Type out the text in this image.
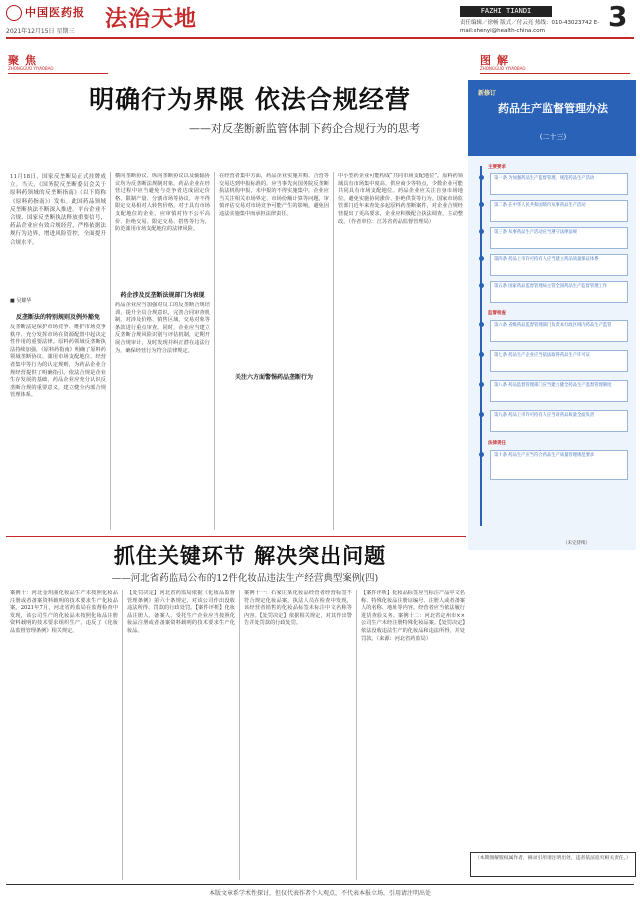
中国医药报 法治天地
2021年12月15日 星期三
FAZHI TIANDI
责任编辑／徐畅 版式／付云亮 热线：010-43023742 E-mail:shenyi@health-china.com	3
聚焦
ZHONGGUO YIYAOBAO
图解
ZHONGGUO YIYAOBAO
明确行为界限 依法合规经营
——对反垄断新监管体制下药企合规行为的思考
11月18日，国家反垄断局正式挂牌成立。当天，《国务院反垄断委员会关于原料药领域的反垄断指南》（以下简称《原料药指南》）发布。此国药品领域反垄断执法不断深入推进。平台企业不合规、国家反垄断执法释放重要信号，药品企业应有效合规经营，严格依据法规行为边界，增进风险管控，全面提升合规水平。
■ 吴耀华
反垄断法的特别规则及例外豁免
反垄断法是保护市场竞争、维护市场竞争秩序、充分发挥市场在资源配置中起决定性作用的重要法律。原料药领域反垄断执法持续加强，《原料药指南》明确了原料药领域垄断协议、滥用市场支配地位、经营者集中等行为的认定规则，为药品企业合规经营提供了明确指引。依法合规是企业生存发展的基础，药品企业应充分认识反垄断合规的重要意义，建立健全内部合规管理体系。
横向垄断协议、纵向垄断协议以及轴辐协议均为反垄断法规制对象。药品企业在经营过程中应当避免与竞争者达成固定价格、限制产量、分割市场等协议，亦不得限定交易相对人转售价格。对于具有市场支配地位的企业，应审慎对待不公平高价、拒绝交易、限定交易、搭售等行为，防范滥用市场支配地位的法律风险。
药企涉及反垄断法规部门为表现
药品企业应当加强对员工的反垄断合规培训，提升全员合规意识，完善合同审查机制，对涉及价格、销售区域、交易对象等条款进行重点审查。同时，企业应当建立反垄断合规风险识别与评估机制，定期开展合规审计，及时发现并纠正潜在违法行为，确保经营行为符合法律规定。
在经营者集中方面，药品企业实施并购、合营等交易达到申报标准的，应当事先向国务院反垄断执法机构申报，未申报的不得实施集中。企业应当关注相关市场界定、市场份额计算等问题，审慎评估交易对市场竞争可能产生的影响，避免因违法实施集中而承担法律责任。
关注六方面警惕药品垄断行为
中小型药企业可能构成“共同市场支配地位”。原料药领域具有市场集中度高、供应商少等特点，少数企业可能共同具有市场支配地位。药品企业应关注自身市场地位，避免实施协同涨价、拒绝供货等行为。国家市场监管部门近年来查处多起原料药垄断案件，对企业合规经营提出了更高要求，企业应积极配合执法调查，主动整改。（作者单位：江苏省药品监督管理局）
新修订
药品生产监督管理办法
(二十三)
主要要求
监督检查
法律责任
第一条 为加强药品生产监督管理，规范药品生产活动
第二条 在中华人民共和国境内从事药品生产活动
第三条 从事药品生产活动应当遵守法律法规
第四条 药品上市许可持有人应当建立药品质量保证体系
第五条 国家药品监督管理局主管全国药品生产监督管理工作
第六条 省级药品监督管理部门负责本行政区域内药品生产监管
第七条 药品生产企业应当依法取得药品生产许可证
第八条 药品监督管理部门应当建立健全药品生产监督管理制度
第九条 药品上市许可持有人应当对药品质量全面负责
第十条 药品生产应当符合药品生产质量管理规范要求
（未完待续）
抓住关键环节 解决突出问题
——河北省药监局公布的12件化妆品违法生产经营典型案例(四)
案例十：河北金玥曲化妆品生产未按照化妆品注册或者备案资料载明的技术要求生产化妆品案。2021年7月，河北省药监局在监督检查中发现，该公司生产的化妆品未按照化妆品注册资料载明的技术要求组织生产，违反了《化妆品监督管理条例》相关规定。
【处罚决定】河北省药监局依据《化妆品监督管理条例》第六十条规定，对该公司作出没收违法所得、罚款的行政处罚。【案件评析】化妆品注册人、备案人、受托生产企业应当按照化妆品注册或者备案资料载明的技术要求生产化妆品。
案例十一：石家庄某化妆品经营者经营标签不符合规定化妆品案。执法人员在检查中发现，该经营者销售的化妆品标签未标注中文名称等内容。【处罚决定】依据相关规定，对其作出警告并处罚款的行政处罚。
【案件评析】化妆品标签应当标注产品中文名称、特殊化妆品注册证编号、注册人或者备案人的名称、地址等内容。经营者应当依法履行进货查验义务。案例十二：河北省定州市××公司生产未经注册特殊化妆品案。【处罚决定】依法没收违法生产的化妆品和违法所得，并处罚款。（来源：河北省药监局）
（本期图解版权属作者，摘录引用请注明出处，违者依法追究相关责任。）
本版文章系学术性探讨，但仅代表作者个人观点，不代表本报立场，引用请注明出处
